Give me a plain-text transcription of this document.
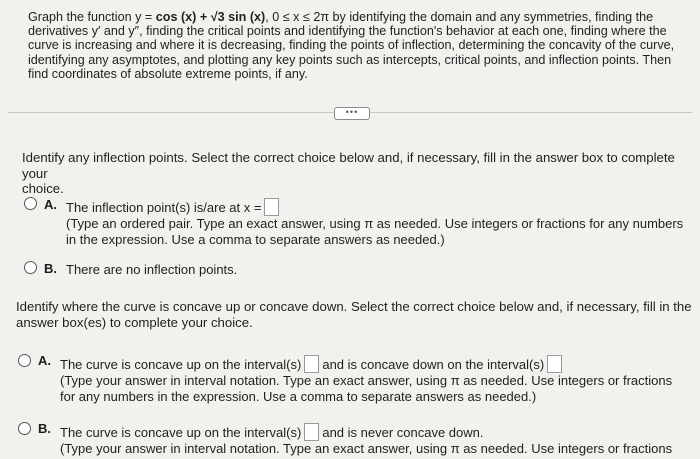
Graph the function y = cos (x) + √3 sin (x), 0 ≤ x ≤ 2π by identifying the domain and any symmetries, finding the
derivatives y′ and y″, finding the critical points and identifying the function's behavior at each one, finding where the
curve is increasing and where it is decreasing, finding the points of inflection, determining the concavity of the curve,
identifying any asymptotes, and plotting any key points such as intercepts, critical points, and inflection points. Then
find coordinates of absolute extreme points, if any.
•••
Identify any inflection points. Select the correct choice below and, if necessary, fill in the answer box to complete your
choice.
A. The inflection point(s) is/are at x =
(Type an ordered pair. Type an exact answer, using π as needed. Use integers or fractions for any numbers
in the expression. Use a comma to separate answers as needed.)
B. There are no inflection points.
Identify where the curve is concave up or concave down. Select the correct choice below and, if necessary, fill in the
answer box(es) to complete your choice.
A. The curve is concave up on the interval(s) and is concave down on the interval(s)
(Type your answer in interval notation. Type an exact answer, using π as needed. Use integers or fractions
for any numbers in the expression. Use a comma to separate answers as needed.)
B. The curve is concave up on the interval(s) and is never concave down.
(Type your answer in interval notation. Type an exact answer, using π as needed. Use integers or fractions
